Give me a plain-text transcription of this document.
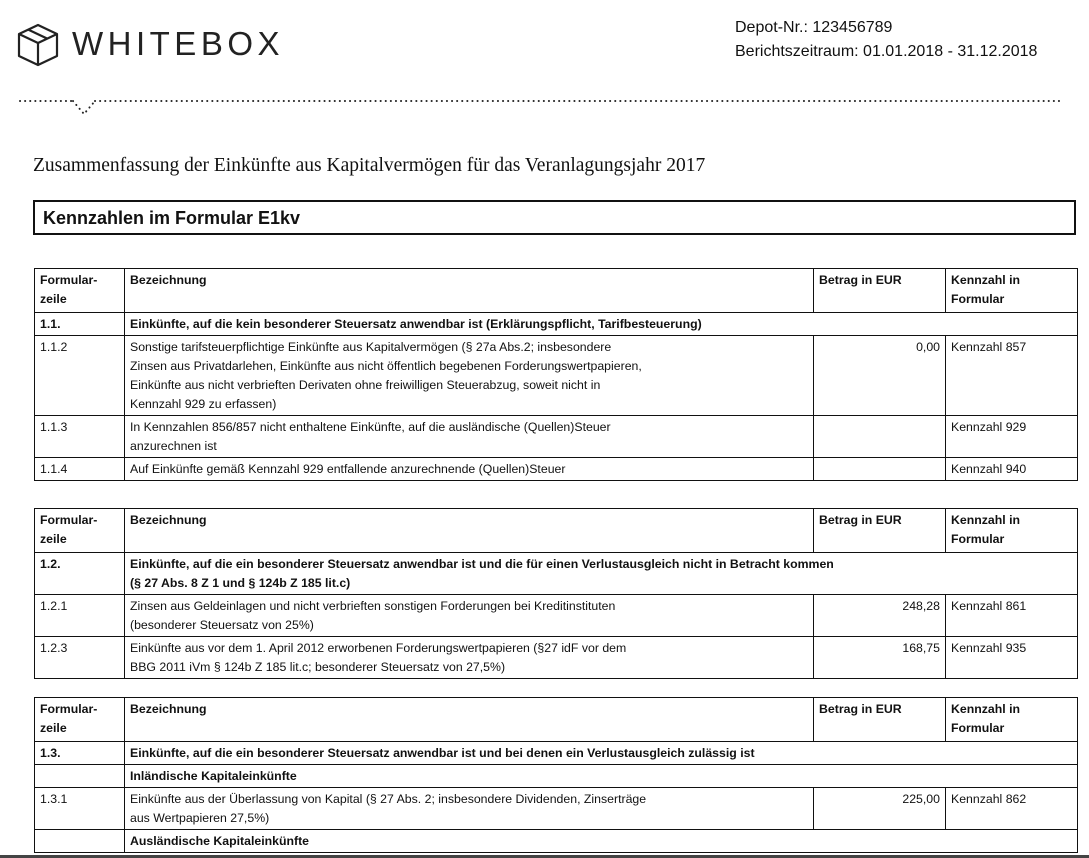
WHITEBOX	Depot-Nr.: 123456789
Berichtszeitraum: 01.01.2018 - 31.12.2018
Zusammenfassung der Einkünfte aus Kapitalvermögen für das Veranlagungsjahr 2017
Kennzahlen im Formular E1kv
Formular-
zeile	Bezeichnung	Betrag in EUR	Kennzahl in
Formular
1.1.	Einkünfte, auf die kein besonderer Steuersatz anwendbar ist (Erklärungspflicht, Tarifbesteuerung)		
1.1.2	Sonstige tarifsteuerpflichtige Einkünfte aus Kapitalvermögen (§ 27a Abs.2; insbesondere
Zinsen aus Privatdarlehen, Einkünfte aus nicht öffentlich begebenen Forderungswertpapieren,
Einkünfte aus nicht verbrieften Derivaten ohne freiwilligen Steuerabzug, soweit nicht in
Kennzahl 929 zu erfassen)	0,00	Kennzahl 857
1.1.3	In Kennzahlen 856/857 nicht enthaltene Einkünfte, auf die ausländische (Quellen)Steuer
anzurechnen ist		Kennzahl 929
1.1.4	Auf Einkünfte gemäß Kennzahl 929 entfallende anzurechnende (Quellen)Steuer		Kennzahl 940
Formular-
zeile	Bezeichnung	Betrag in EUR	Kennzahl in
Formular
1.2.	Einkünfte, auf die ein besonderer Steuersatz anwendbar ist und die für einen Verlustausgleich nicht in Betracht kommen
(§ 27 Abs. 8 Z 1 und § 124b Z 185 lit.c)		
1.2.1	Zinsen aus Geldeinlagen und nicht verbrieften sonstigen Forderungen bei Kreditinstituten
(besonderer Steuersatz von 25%)	248,28	Kennzahl 861
1.2.3	Einkünfte aus vor dem 1. April 2012 erworbenen Forderungswertpapieren (§27 idF vor dem
BBG 2011 iVm § 124b Z 185 lit.c; besonderer Steuersatz von 27,5%)	168,75	Kennzahl 935
Formular-
zeile	Bezeichnung	Betrag in EUR	Kennzahl in
Formular
1.3.	Einkünfte, auf die ein besonderer Steuersatz anwendbar ist und bei denen ein Verlustausgleich zulässig ist		
	Inländische Kapitaleinkünfte		
1.3.1	Einkünfte aus der Überlassung von Kapital (§ 27 Abs. 2; insbesondere Dividenden, Zinserträge
aus Wertpapieren 27,5%)	225,00	Kennzahl 862
	Ausländische Kapitaleinkünfte		
